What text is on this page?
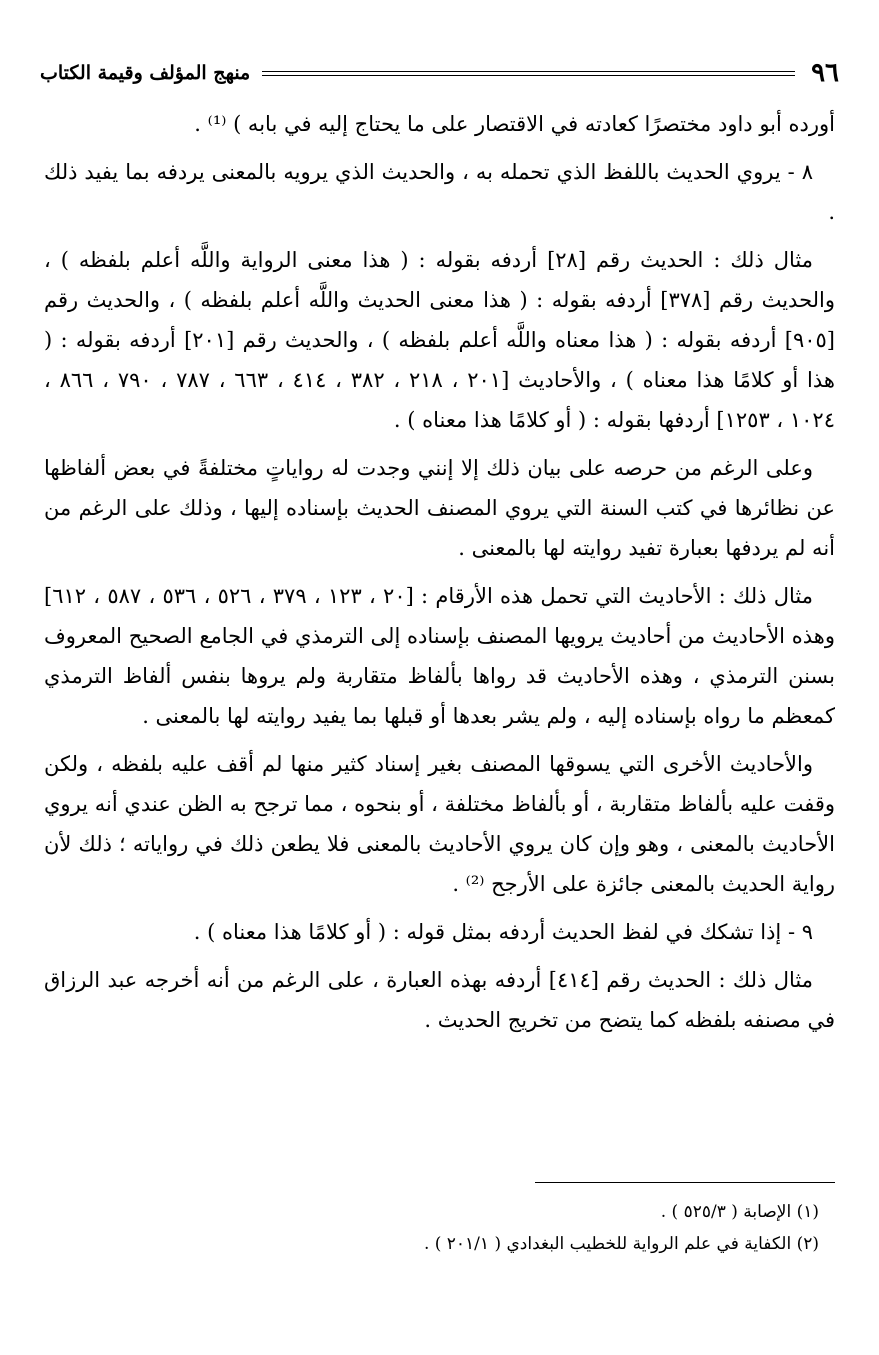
٩٦
منهج المؤلف وقيمة الكتاب

أورده أبو داود مختصرًا كعادته في الاقتصار على ما يحتاج إليه في بابه ) ⁽¹⁾ .

٨ - يروي الحديث باللفظ الذي تحمله به ، والحديث الذي يرويه بالمعنى يردفه بما يفيد ذلك .

مثال ذلك : الحديث رقم [٢٨] أردفه بقوله : ( هذا معنى الرواية واللَّه أعلم بلفظه ) ، والحديث رقم [٣٧٨] أردفه بقوله : ( هذا معنى الحديث واللَّه أعلم بلفظه ) ، والحديث رقم [٩٠٥] أردفه بقوله : ( هذا معناه واللَّه أعلم بلفظه ) ، والحديث رقم [٢٠١] أردفه بقوله : ( هذا أو كلامًا هذا معناه ) ، والأحاديث [٢٠١ ، ٢١٨ ، ٣٨٢ ، ٤١٤ ، ٦٦٣ ، ٧٨٧ ، ٧٩٠ ، ٨٦٦ ، ١٠٢٤ ، ١٢٥٣] أردفها بقوله : ( أو كلامًا هذا معناه ) .

وعلى الرغم من حرصه على بيان ذلك إلا إنني وجدت له رواياتٍ مختلفةً في بعض ألفاظها عن نظائرها في كتب السنة التي يروي المصنف الحديث بإسناده إليها ، وذلك على الرغم من أنه لم يردفها بعبارة تفيد روايته لها بالمعنى .

مثال ذلك : الأحاديث التي تحمل هذه الأرقام : [٢٠ ، ١٢٣ ، ٣٧٩ ، ٥٢٦ ، ٥٣٦ ، ٥٨٧ ، ٦١٢] وهذه الأحاديث من أحاديث يرويها المصنف بإسناده إلى الترمذي في الجامع الصحيح المعروف بسنن الترمذي ، وهذه الأحاديث قد رواها بألفاظ متقاربة ولم يروها بنفس ألفاظ الترمذي كمعظم ما رواه بإسناده إليه ، ولم يشر بعدها أو قبلها بما يفيد روايته لها بالمعنى .

والأحاديث الأخرى التي يسوقها المصنف بغير إسناد كثير منها لم أقف عليه بلفظه ، ولكن وقفت عليه بألفاظ متقاربة ، أو بألفاظ مختلفة ، أو بنحوه ، مما ترجح به الظن عندي أنه يروي الأحاديث بالمعنى ، وهو وإن كان يروي الأحاديث بالمعنى فلا يطعن ذلك في رواياته ؛ ذلك لأن رواية الحديث بالمعنى جائزة على الأرجح ⁽²⁾ .

٩ - إذا تشكك في لفظ الحديث أردفه بمثل قوله : ( أو كلامًا هذا معناه ) .

مثال ذلك : الحديث رقم [٤١٤] أردفه بهذه العبارة ، على الرغم من أنه أخرجه عبد الرزاق في مصنفه بلفظه كما يتضح من تخريج الحديث .

(١) الإصابة ( ٥٢٥/٣ ) .
(٢) الكفاية في علم الرواية للخطيب البغدادي ( ٢٠١/١ ) .
